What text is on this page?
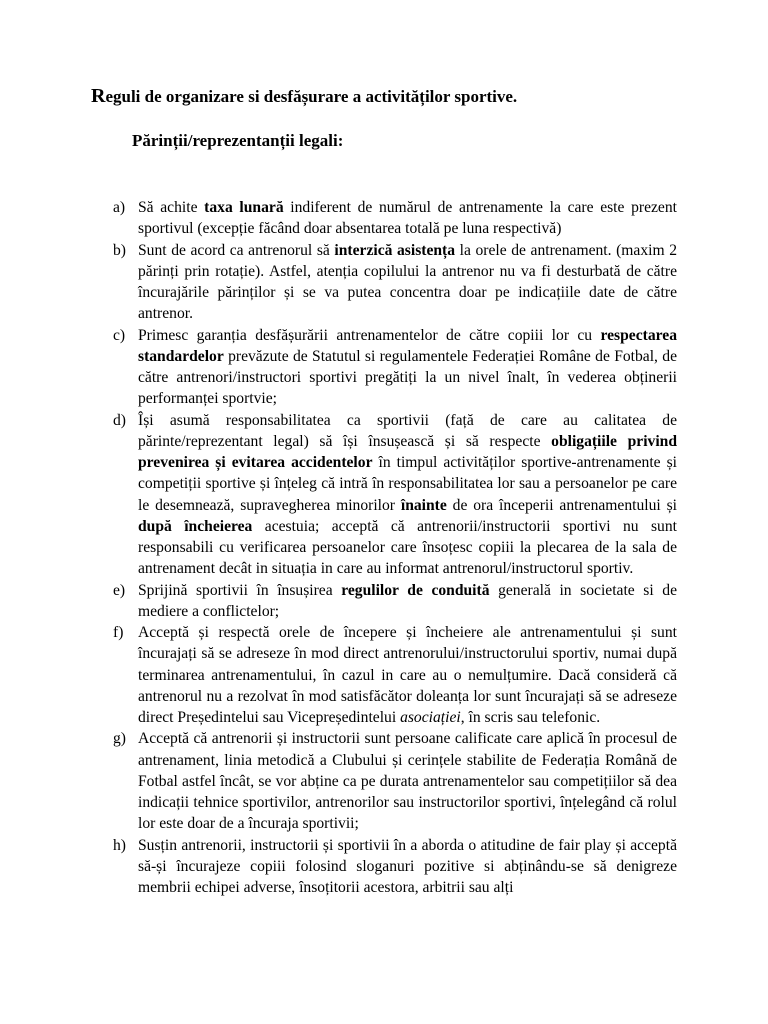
Reguli de organizare si desfășurare a activităților sportive.
Părinții/reprezentanții legali:
a) Să achite taxa lunară indiferent de numărul de antrenamente la care este prezent sportivul (excepție făcând doar absentarea totală pe luna respectivă)
b) Sunt de acord ca antrenorul să interzică asistența la orele de antrenament. (maxim 2 părinți prin rotație). Astfel, atenția copilului la antrenor nu va fi desturbată de către încurajările părinților și se va putea concentra doar pe indicațiile date de către antrenor.
c) Primesc garanția desfășurării antrenamentelor de către copiii lor cu respectarea standardelor prevăzute de Statutul si regulamentele Federației Române de Fotbal, de către antrenori/instructori sportivi pregătiți la un nivel înalt, în vederea obținerii performanței sportvie;
d) Își asumă responsabilitatea ca sportivii (față de care au calitatea de părinte/reprezentant legal) să își însușească și să respecte obligațiile privind prevenirea și evitarea accidentelor în timpul activităților sportive-antrenamente și competiții sportive și înțeleg că intră în responsabilitatea lor sau a persoanelor pe care le desemnează, supravegherea minorilor înainte de ora începerii antrenamentului și după încheierea acestuia; acceptă că antrenorii/instructorii sportivi nu sunt responsabili cu verificarea persoanelor care însoțesc copiii la plecarea de la sala de antrenament decât in situația in care au informat antrenorul/instructorul sportiv.
e) Sprijină sportivii în însușirea regulilor de conduită generală in societate si de mediere a conflictelor;
f) Acceptă și respectă orele de începere și încheiere ale antrenamentului și sunt încurajați să se adreseze în mod direct antrenorului/instructorului sportiv, numai după terminarea antrenamentului, în cazul in care au o nemulțumire. Dacă consideră că antrenorul nu a rezolvat în mod satisfăcător doleanța lor sunt încurajați să se adreseze direct Președintelui sau Vicepreședintelui asociației, în scris sau telefonic.
g) Acceptă că antrenorii și instructorii sunt persoane calificate care aplică în procesul de antrenament, linia metodică a Clubului și cerințele stabilite de Federația Română de Fotbal astfel încât, se vor abține ca pe durata antrenamentelor sau competițiilor să dea indicații tehnice sportivilor, antrenorilor sau instructorilor sportivi, înțelegând că rolul lor este doar de a încuraja sportivii;
h) Susțin antrenorii, instructorii și sportivii în a aborda o atitudine de fair play și acceptă să-și încurajeze copiii folosind sloganuri pozitive si abținându-se să denigreze membrii echipei adverse, însoțitorii acestora, arbitrii sau alți
